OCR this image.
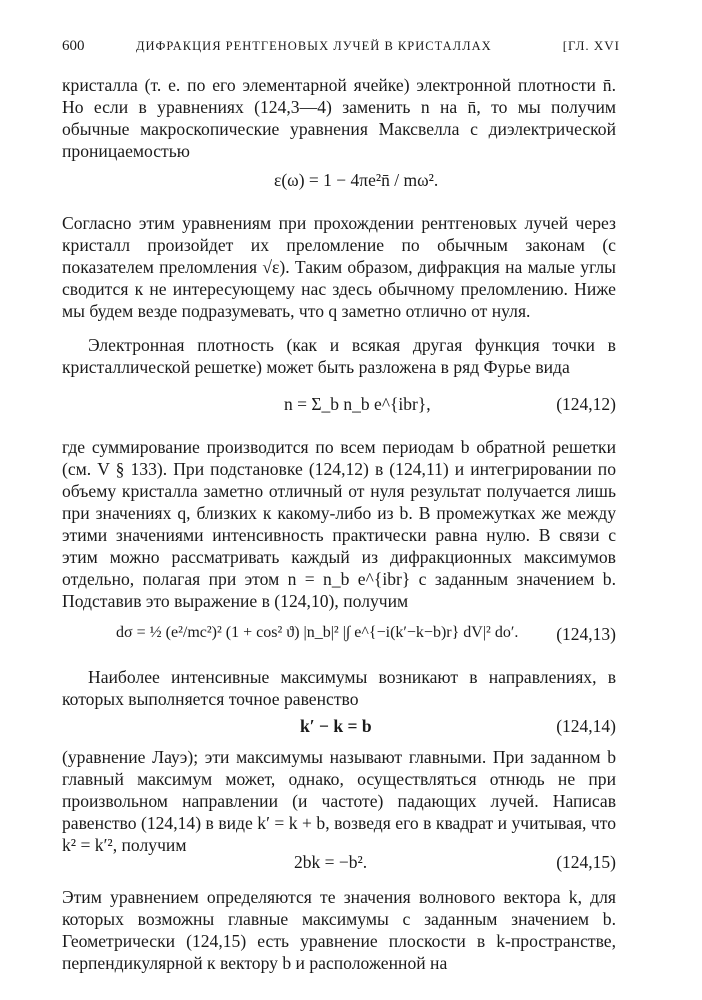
600	ДИФРАКЦИЯ РЕНТГЕНОВЫХ ЛУЧЕЙ В КРИСТАЛЛАХ	[ГЛ. XVI

кристалла (т. е. по его элементарной ячейке) электронной плотности n̄. Но если в уравнениях (124,3—4) заменить n на n̄, то мы получим обычные макроскопические уравнения Максвелла с диэлектрической проницаемостью

ε(ω) = 1 − 4πe²n̄ / mω².

Согласно этим уравнениям при прохождении рентгеновых лучей через кристалл произойдет их преломление по обычным законам (с показателем преломления √ε). Таким образом, дифракция на малые углы сводится к не интересующему нас здесь обычному преломлению. Ниже мы будем везде подразумевать, что q заметно отлично от нуля.

Электронная плотность (как и всякая другая функция точки в кристаллической решетке) может быть разложена в ряд Фурье вида

n = Σ_b n_b e^{ibr},	(124,12)

где суммирование производится по всем периодам b обратной решетки (см. V § 133). При подстановке (124,12) в (124,11) и интегрировании по объему кристалла заметно отличный от нуля результат получается лишь при значениях q, близких к какому-либо из b. В промежутках же между этими значениями интенсивность практически равна нулю. В связи с этим можно рассматривать каждый из дифракционных максимумов отдельно, полагая при этом n = n_b e^{ibr} с заданным значением b. Подставив это выражение в (124,10), получим

dσ = ½ (e²/mc²)² (1 + cos² ϑ) |n_b|² |∫ e^{−i(k′−k−b)r} dV|² do′. (124,13)

Наиболее интенсивные максимумы возникают в направлениях, в которых выполняется точное равенство

k′ − k = b	(124,14)

(уравнение Лауэ); эти максимумы называют главными. При заданном b главный максимум может, однако, осуществляться отнюдь не при произвольном направлении (и частоте) падающих лучей. Написав равенство (124,14) в виде k′ = k + b, возведя его в квадрат и учитывая, что k² = k′², получим

2bk = −b².	(124,15)

Этим уравнением определяются те значения волнового вектора k, для которых возможны главные максимумы с заданным значением b. Геометрически (124,15) есть уравнение плоскости в k-пространстве, перпендикулярной к вектору b и расположенной на
